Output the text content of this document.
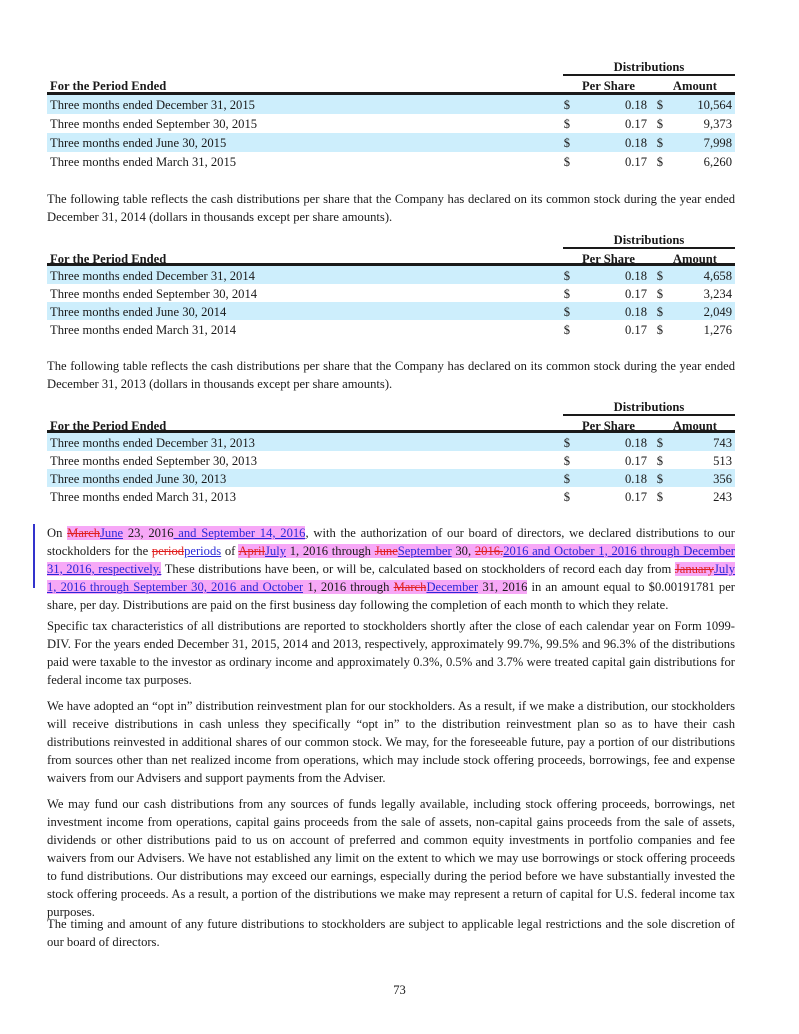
Distributions
For the Period Ended	Per Share	Amount
Three months ended December 31, 2015	$	0.18 $	10,564
Three months ended September 30, 2015	$	0.17 $	9,373
Three months ended June 30, 2015	$	0.18 $	7,998
Three months ended March 31, 2015	$	0.17 $	6,260

The following table reflects the cash distributions per share that the Company has declared on its common stock during the year ended December 31, 2014 (dollars in thousands except per share amounts).

Distributions
For the Period Ended	Per Share	Amount
Three months ended December 31, 2014	$	0.18 $	4,658
Three months ended September 30, 2014	$	0.17 $	3,234
Three months ended June 30, 2014	$	0.18 $	2,049
Three months ended March 31, 2014	$	0.17 $	1,276

The following table reflects the cash distributions per share that the Company has declared on its common stock during the year ended December 31, 2013 (dollars in thousands except per share amounts).

Distributions
For the Period Ended	Per Share	Amount
Three months ended December 31, 2013	$	0.18 $	743
Three months ended September 30, 2013	$	0.17 $	513
Three months ended June 30, 2013	$	0.18 $	356
Three months ended March 31, 2013	$	0.17 $	243

On MarchJune 23, 2016 and September 14, 2016, with the authorization of our board of directors, we declared distributions to our stockholders for the periodperiods of AprilJuly 1, 2016 through JuneSeptember 30, 2016.2016 and October 1, 2016 through December 31, 2016, respectively. These distributions have been, or will be, calculated based on stockholders of record each day from JanuaryJuly 1, 2016 through September 30, 2016 and October 1, 2016 through MarchDecember 31, 2016 in an amount equal to $0.00191781 per share, per day. Distributions are paid on the first business day following the completion of each month to which they relate.

Specific tax characteristics of all distributions are reported to stockholders shortly after the close of each calendar year on Form 1099-DIV. For the years ended December 31, 2015, 2014 and 2013, respectively, approximately 99.7%, 99.5% and 96.3% of the distributions paid were taxable to the investor as ordinary income and approximately 0.3%, 0.5% and 3.7% were treated capital gain distributions for federal income tax purposes.

We have adopted an “opt in” distribution reinvestment plan for our stockholders. As a result, if we make a distribution, our stockholders will receive distributions in cash unless they specifically “opt in” to the distribution reinvestment plan so as to have their cash distributions reinvested in additional shares of our common stock. We may, for the foreseeable future, pay a portion of our distributions from sources other than net realized income from operations, which may include stock offering proceeds, borrowings, fee and expense waivers from our Advisers and support payments from the Adviser.

We may fund our cash distributions from any sources of funds legally available, including stock offering proceeds, borrowings, net investment income from operations, capital gains proceeds from the sale of assets, non-capital gains proceeds from the sale of assets, dividends or other distributions paid to us on account of preferred and common equity investments in portfolio companies and fee waivers from our Advisers. We have not established any limit on the extent to which we may use borrowings or stock offering proceeds to fund distributions. Our distributions may exceed our earnings, especially during the period before we have substantially invested the stock offering proceeds. As a result, a portion of the distributions we make may represent a return of capital for U.S. federal income tax purposes.

The timing and amount of any future distributions to stockholders are subject to applicable legal restrictions and the sole discretion of our board of directors.

73
